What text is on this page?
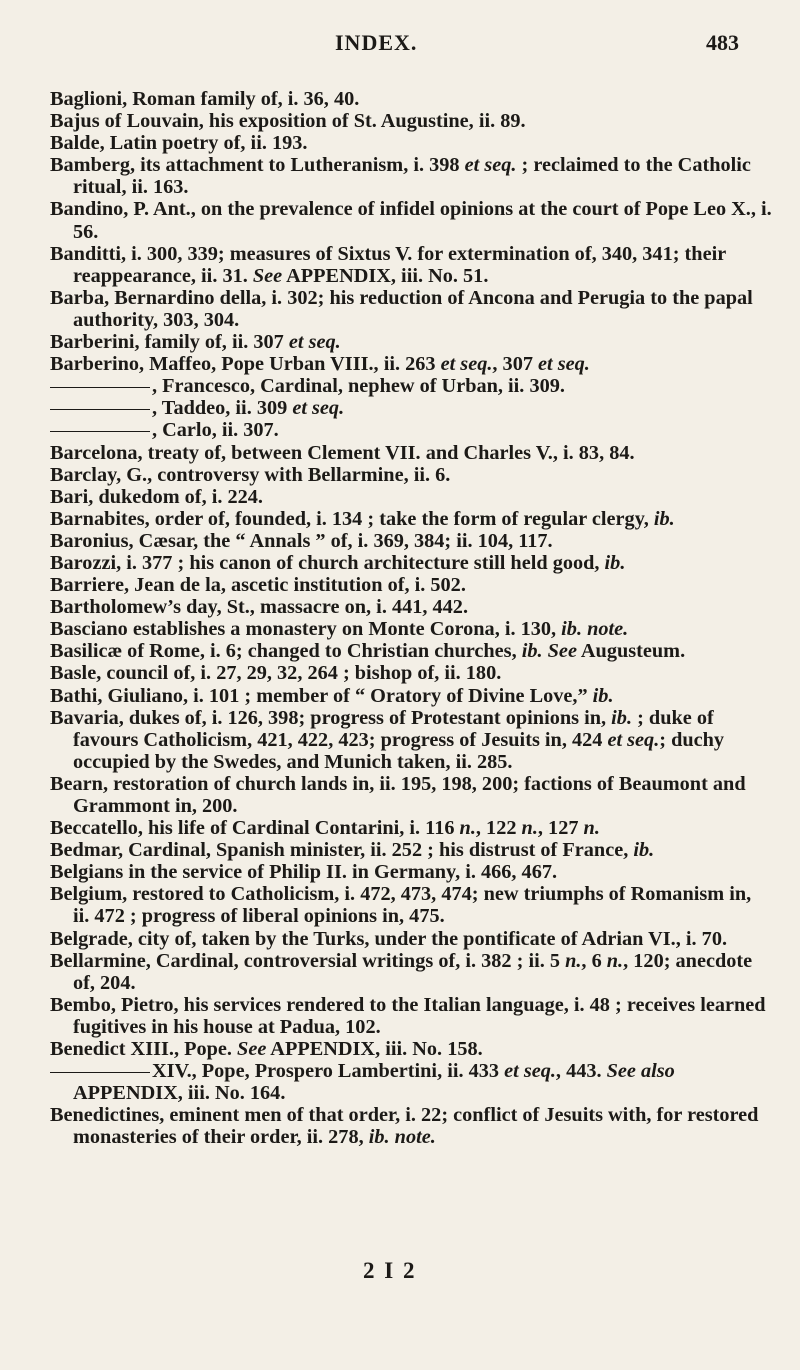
INDEX.	483

Baglioni, Roman family of, i. 36, 40.

Bajus of Louvain, his exposition of St. Augustine, ii. 89.

Balde, Latin poetry of, ii. 193.

Bamberg, its attachment to Lutheranism, i. 398 et seq. ; reclaimed to the Catholic ritual, ii. 163.

Bandino, P. Ant., on the prevalence of infidel opinions at the court of Pope Leo X., i. 56.

Banditti, i. 300, 339; measures of Sixtus V. for extermination of, 340, 341; their reappearance, ii. 31. See APPENDIX, iii. No. 51.

Barba, Bernardino della, i. 302; his reduction of Ancona and Perugia to the papal authority, 303, 304.

Barberini, family of, ii. 307 et seq.

Barberino, Maffeo, Pope Urban VIII., ii. 263 et seq., 307 et seq.

, Francesco, Cardinal, nephew of Urban, ii. 309.

, Taddeo, ii. 309 et seq.

, Carlo, ii. 307.

Barcelona, treaty of, between Clement VII. and Charles V., i. 83, 84.

Barclay, G., controversy with Bellarmine, ii. 6.

Bari, dukedom of, i. 224.

Barnabites, order of, founded, i. 134 ; take the form of regular clergy, ib.

Baronius, Cæsar, the “ Annals ” of, i. 369, 384; ii. 104, 117.

Barozzi, i. 377 ; his canon of church architecture still held good, ib.

Barriere, Jean de la, ascetic institution of, i. 502.

Bartholomew’s day, St., massacre on, i. 441, 442.

Basciano establishes a monastery on Monte Corona, i. 130, ib. note.

Basilicæ of Rome, i. 6; changed to Christian churches, ib. See Augusteum.

Basle, council of, i. 27, 29, 32, 264 ; bishop of, ii. 180.

Bathi, Giuliano, i. 101 ; member of “ Oratory of Divine Love,” ib.

Bavaria, dukes of, i. 126, 398; progress of Protestant opinions in, ib. ; duke of favours Catholicism, 421, 422, 423; progress of Jesuits in, 424 et seq.; duchy occupied by the Swedes, and Munich taken, ii. 285.

Bearn, restoration of church lands in, ii. 195, 198, 200; factions of Beaumont and Grammont in, 200.

Beccatello, his life of Cardinal Contarini, i. 116 n., 122 n., 127 n.

Bedmar, Cardinal, Spanish minister, ii. 252 ; his distrust of France, ib.

Belgians in the service of Philip II. in Germany, i. 466, 467.

Belgium, restored to Catholicism, i. 472, 473, 474; new triumphs of Romanism in, ii. 472 ; progress of liberal opinions in, 475.

Belgrade, city of, taken by the Turks, under the pontificate of Adrian VI., i. 70.

Bellarmine, Cardinal, controversial writings of, i. 382 ; ii. 5 n., 6 n., 120; anecdote of, 204.

Bembo, Pietro, his services rendered to the Italian language, i. 48 ; receives learned fugitives in his house at Padua, 102.

Benedict XIII., Pope. See APPENDIX, iii. No. 158.

XIV., Pope, Prospero Lambertini, ii. 433 et seq., 443. See also APPENDIX, iii. No. 164.

Benedictines, eminent men of that order, i. 22; conflict of Jesuits with, for restored monasteries of their order, ii. 278, ib. note.

2 I 2
